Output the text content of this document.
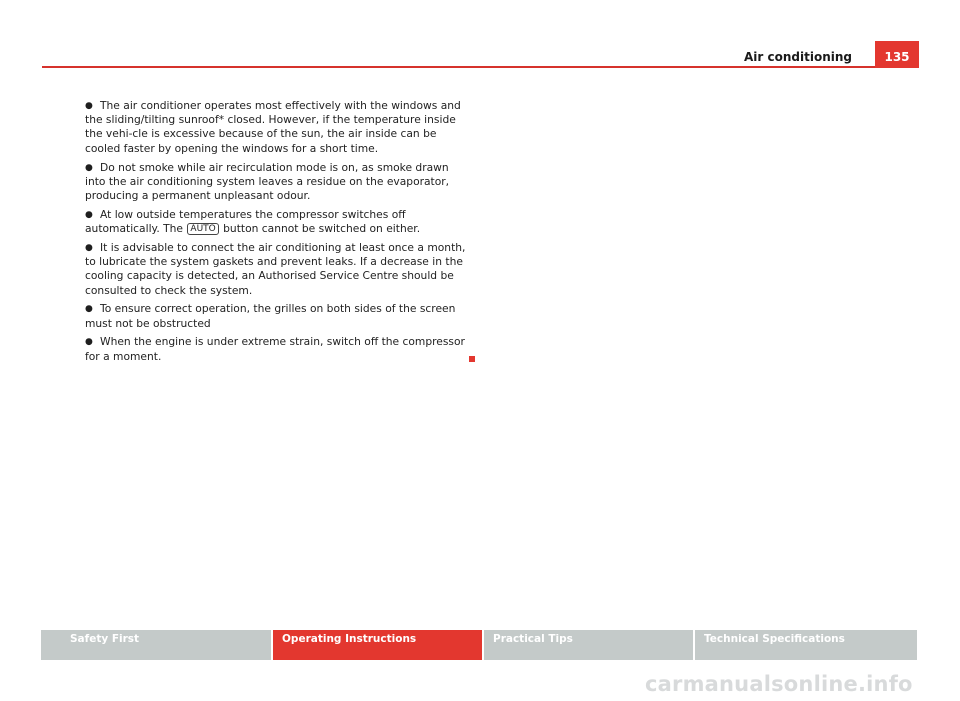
Air conditioning	135

● The air conditioner operates most effectively with the windows and the sliding/tilting sunroof* closed. However, if the temperature inside the vehi-cle is excessive because of the sun, the air inside can be cooled faster by opening the windows for a short time.

● Do not smoke while air recirculation mode is on, as smoke drawn into the air conditioning system leaves a residue on the evaporator, producing a permanent unpleasant odour.

● At low outside temperatures the compressor switches off automatically. The AUTO button cannot be switched on either.

● It is advisable to connect the air conditioning at least once a month, to lubricate the system gaskets and prevent leaks. If a decrease in the cooling capacity is detected, an Authorised Service Centre should be consulted to check the system.

● To ensure correct operation, the grilles on both sides of the screen must not be obstructed

● When the engine is under extreme strain, switch off the compressor for a moment.

Safety First	Operating Instructions	Practical Tips	Technical Specifications
carmanualsonline.info
